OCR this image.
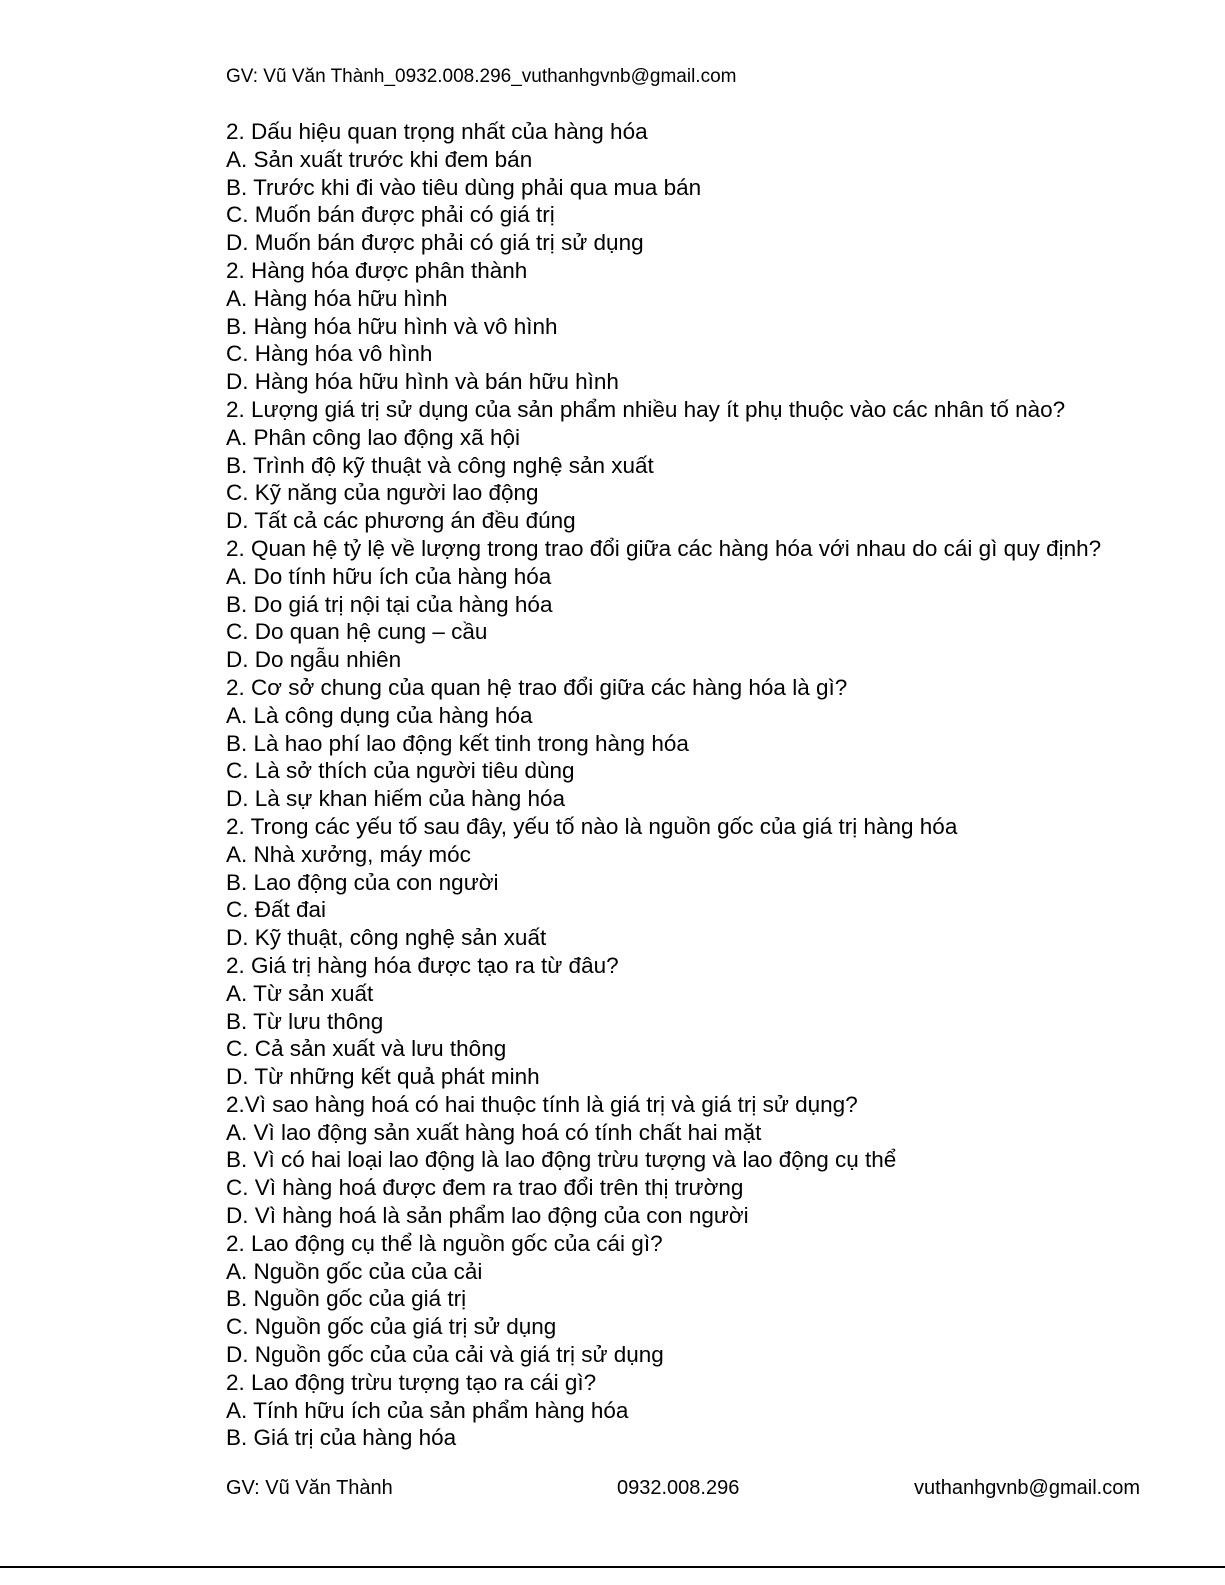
GV: Vũ Văn Thành_0932.008.296_vuthanhgvnb@gmail.com
2. Dấu hiệu quan trọng nhất của hàng hóa
A. Sản xuất trước khi đem bán
B. Trước khi đi vào tiêu dùng phải qua mua bán
C. Muốn bán được phải có giá trị
D. Muốn bán được phải có giá trị sử dụng
2. Hàng hóa được phân thành
A. Hàng hóa hữu hình
B. Hàng hóa hữu hình và vô hình
C. Hàng hóa vô hình
D. Hàng hóa hữu hình và bán hữu hình
2. Lượng giá trị sử dụng của sản phẩm nhiều hay ít phụ thuộc vào các nhân tố nào?
A. Phân công lao động xã hội
B. Trình độ kỹ thuật và công nghệ sản xuất
C. Kỹ năng của người lao động
D. Tất cả các phương án đều đúng
2. Quan hệ tỷ lệ về lượng trong trao đổi giữa các hàng hóa với nhau do cái gì quy định?
A. Do tính hữu ích của hàng hóa
B. Do giá trị nội tại của hàng hóa
C. Do quan hệ cung – cầu
D. Do ngẫu nhiên
2. Cơ sở chung của quan hệ trao đổi giữa các hàng hóa là gì?
A. Là công dụng của hàng hóa
B. Là hao phí lao động kết tinh trong hàng hóa
C. Là sở thích của người tiêu dùng
D. Là sự khan hiếm của hàng hóa
2. Trong các yếu tố sau đây, yếu tố nào là nguồn gốc của giá trị hàng hóa
A. Nhà xưởng, máy móc
B. Lao động của con người
C. Đất đai
D. Kỹ thuật, công nghệ sản xuất
2. Giá trị hàng hóa được tạo ra từ đâu?
A. Từ sản xuất
B. Từ lưu thông
C. Cả sản xuất và lưu thông
D. Từ những kết quả phát minh
2.Vì sao hàng hoá có hai thuộc tính là giá trị và giá trị sử dụng?
A. Vì lao động sản xuất hàng hoá có tính chất hai mặt
B. Vì có hai loại lao động là lao động trừu tượng và lao động cụ thể
C. Vì hàng hoá được đem ra trao đổi trên thị trường
D. Vì hàng hoá là sản phẩm lao động của con người
2. Lao động cụ thể là nguồn gốc của cái gì?
A. Nguồn gốc của của cải
B. Nguồn gốc của giá trị
C. Nguồn gốc của giá trị sử dụng
D. Nguồn gốc của của cải và giá trị sử dụng
2. Lao động trừu tượng tạo ra cái gì?
A. Tính hữu ích của sản phẩm hàng hóa
B. Giá trị của hàng hóa
GV: Vũ Văn Thành	0932.008.296	vuthanhgvnb@gmail.com
